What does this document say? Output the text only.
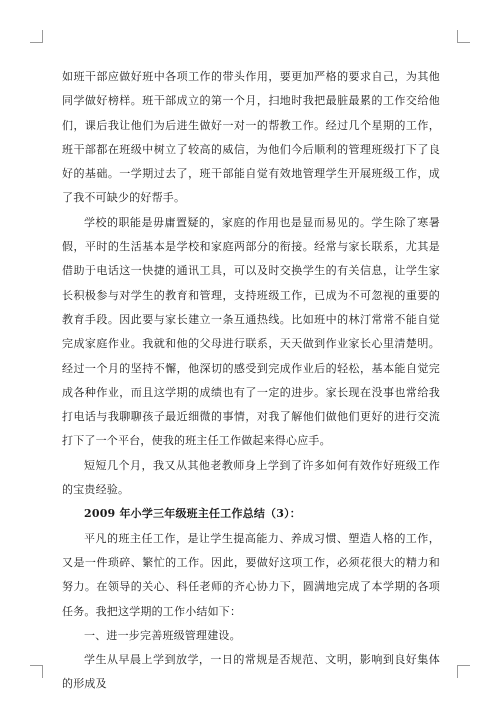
如班干部应做好班中各项工作的带头作用，要更加严格的要求自己，为其他同学做好榜样。班干部成立的第一个月，扫地时我把最脏最累的工作交给他们，课后我让他们为后进生做好一对一的帮教工作。经过几个星期的工作，班干部都在班级中树立了较高的威信，为他们今后顺利的管理班级打下了良好的基础。一学期过去了，班干部能自觉有效地管理学生开展班级工作，成了我不可缺少的好帮手。

学校的职能是毋庸置疑的，家庭的作用也是显而易见的。学生除了寒暑假，平时的生活基本是学校和家庭两部分的衔接。经常与家长联系，尤其是借助于电话这一快捷的通讯工具，可以及时交换学生的有关信息，让学生家长积极参与对学生的教育和管理，支持班级工作，已成为不可忽视的重要的教育手段。因此要与家长建立一条互通热线。比如班中的林汀常常不能自觉完成家庭作业。我就和他的父母进行联系，天天做到作业家长心里清楚明。经过一个月的坚持不懈，他深切的感受到完成作业后的轻松，基本能自觉完成各种作业，而且这学期的成绩也有了一定的进步。家长现在没事也常给我打电话与我聊聊孩子最近细微的事情，对我了解他们做他们更好的进行交流打下了一个平台，使我的班主任工作做起来得心应手。

短短几个月，我又从其他老教师身上学到了许多如何有效作好班级工作的宝贵经验。

2009 年小学三年级班主任工作总结（3）：

平凡的班主任工作，是让学生提高能力、养成习惯、塑造人格的工作，又是一件琐碎、繁忙的工作。因此，要做好这项工作，必须花很大的精力和努力。在领导的关心、科任老师的齐心协力下，圆满地完成了本学期的各项任务。我把这学期的工作小结如下：

一、进一步完善班级管理建设。

学生从早晨上学到放学，一日的常规是否规范、文明，影响到良好集体的形成及
